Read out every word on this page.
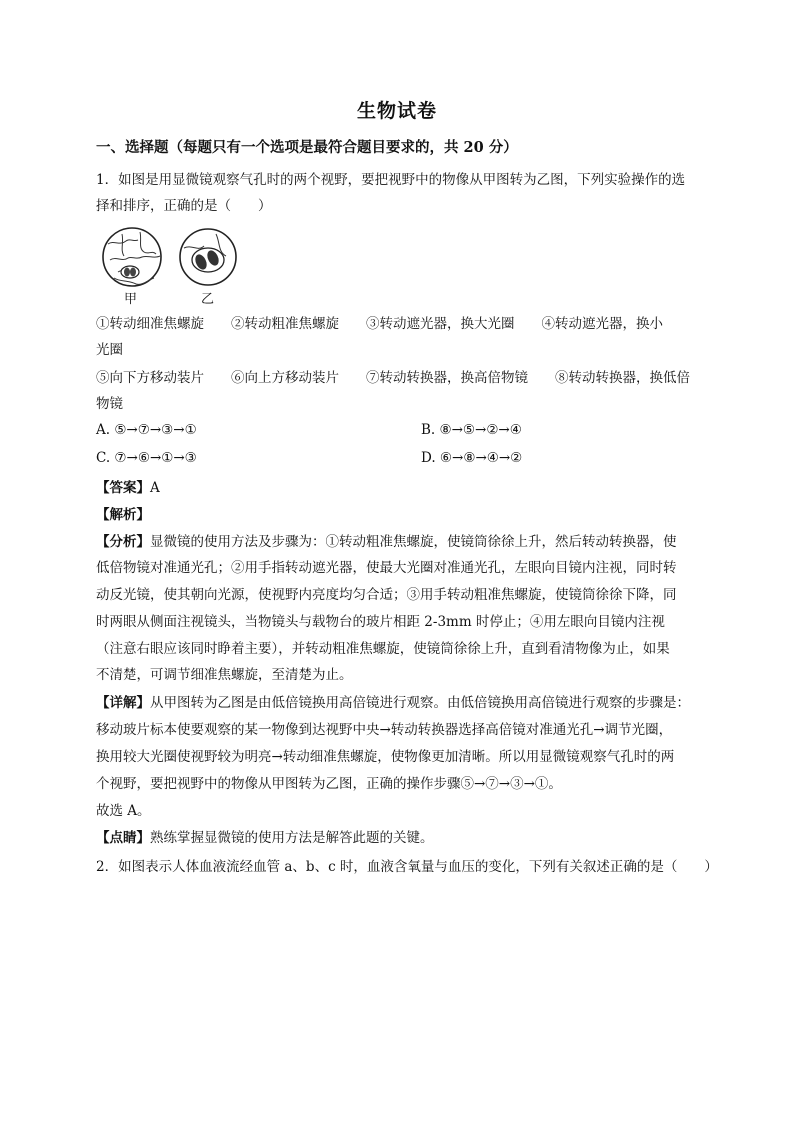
生物试卷
一、选择题（每题只有一个选项是最符合题目要求的，共 20 分）
1．如图是用显微镜观察气孔时的两个视野，要把视野中的物像从甲图转为乙图，下列实验操作的选
择和排序，正确的是（　　）
甲	乙
①转动细准焦螺旋　　②转动粗准焦螺旋　　③转动遮光器，换大光圈　　④转动遮光器，换小
光圈
⑤向下方移动装片　　⑥向上方移动装片　　⑦转动转换器，换高倍物镜　　⑧转动转换器，换低倍
物镜
A. ⑤→⑦→③→①	B. ⑧→⑤→②→④
C. ⑦→⑥→①→③	D. ⑥→⑧→④→②
【答案】A
【解析】
【分析】显微镜的使用方法及步骤为：①转动粗准焦螺旋，使镜筒徐徐上升，然后转动转换器，使
低倍物镜对准通光孔；②用手指转动遮光器，使最大光圈对准通光孔，左眼向目镜内注视，同时转
动反光镜，使其朝向光源，使视野内亮度均匀合适；③用手转动粗准焦螺旋，使镜筒徐徐下降，同
时两眼从侧面注视镜头，当物镜头与载物台的玻片相距 2-3mm 时停止；④用左眼向目镜内注视
（注意右眼应该同时睁着主要），并转动粗准焦螺旋，使镜筒徐徐上升，直到看清物像为止，如果
不清楚，可调节细准焦螺旋，至清楚为止。
【详解】从甲图转为乙图是由低倍镜换用高倍镜进行观察。由低倍镜换用高倍镜进行观察的步骤是：
移动玻片标本使要观察的某一物像到达视野中央→转动转换器选择高倍镜对准通光孔→调节光圈，
换用较大光圈使视野较为明亮→转动细准焦螺旋，使物像更加清晰。所以用显微镜观察气孔时的两
个视野，要把视野中的物像从甲图转为乙图，正确的操作步骤⑤→⑦→③→①。
故选 A。
【点睛】熟练掌握显微镜的使用方法是解答此题的关键。
2．如图表示人体血液流经血管 a、b、c 时，血液含氧量与血压的变化，下列有关叙述正确的是（　　）
